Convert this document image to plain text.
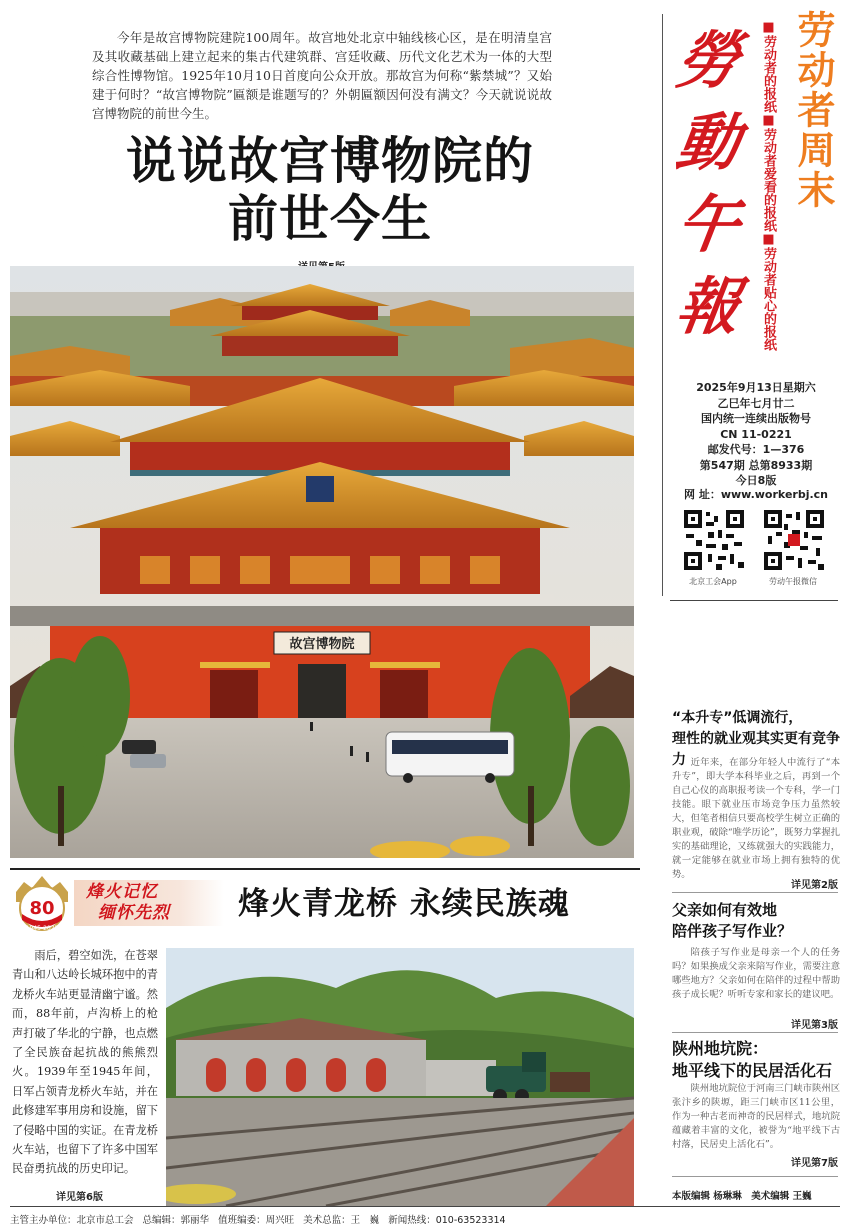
今年是故宫博物院建院100周年。故宫地处北京中轴线核心区，是在明清皇宫及其收藏基础上建立起来的集古代建筑群、宫廷收藏、历代文化艺术为一体的大型综合性博物馆。1925年10月10日首度向公众开放。那故宫为何称“紫禁城”？又始建于何时？“故宫博物院”匾额是谁题写的？外朝匾额因何没有满文？今天就说说故宫博物院的前世今生。

说说故宫博物院的
前世今生
故宫博物院
勞
動
午
報
■劳动者的报纸■劳动者爱看的报纸■劳动者贴心的报纸
劳动者周末
2025年9月13日星期六
乙巳年七月廿二
国内统一连续出版物号
CN 11-0221
邮发代号：1—376
第547期 总第8933期
今日8版
网 址：www.workerbj.cn
北京工会App	劳动午报微信
“本升专”低调流行，
理性的就业观其实更有竞争力 近年来，在部分年轻人中流行了“本升专”，即大学本科毕业之后，再到一个自己心仪的高职报考读一个专科，学一门技能。眼下就业压市场竞争压力虽然较大，但笔者相信只要高校学生树立正确的职业观，破除“唯学历论”，既努力掌握扎实的基础理论，又练就强大的实践能力，就一定能够在就业市场上拥有独特的优势。

详见第2版
父亲如何有效地
陪伴孩子写作业？

陪孩子写作业是母亲一个人的任务吗？如果换成父亲来陪写作业，需要注意哪些地方？父亲如何在陪伴的过程中帮助孩子成长呢？听听专家和家长的建议吧。

详见第3版
陕州地坑院：
地平线下的民居活化石

陕州地坑院位于河南三门峡市陕州区张汴乡的陕塬，距三门峡市区11公里，作为一种古老而神奇的民居样式，地坑院蕴藏着丰富的文化，被誉为“地平线下古村落，民居史上活化石”。

详见第7版
本版编辑 杨琳琳　美术编辑 王巍
80
1945-2025
烽火记忆
缅怀先烈	烽火青龙桥 永续民族魂

雨后，碧空如洗，在苍翠青山和八达岭长城环抱中的青龙桥火车站更显清幽宁谧。然而，88年前，卢沟桥上的枪声打破了华北的宁静，也点燃了全民族奋起抗战的熊熊烈火。1939年至1945年间，日军占领青龙桥火车站，并在此修建军事用房和设施，留下了侵略中国的实证。在青龙桥火车站，也留下了许多中国军民奋勇抗战的历史印记。

详见第6版
主管主办单位：北京市总工会 总编辑：郭丽华 值班编委：周兴旺 美术总监：王　巍 新闻热线：010-63523314
